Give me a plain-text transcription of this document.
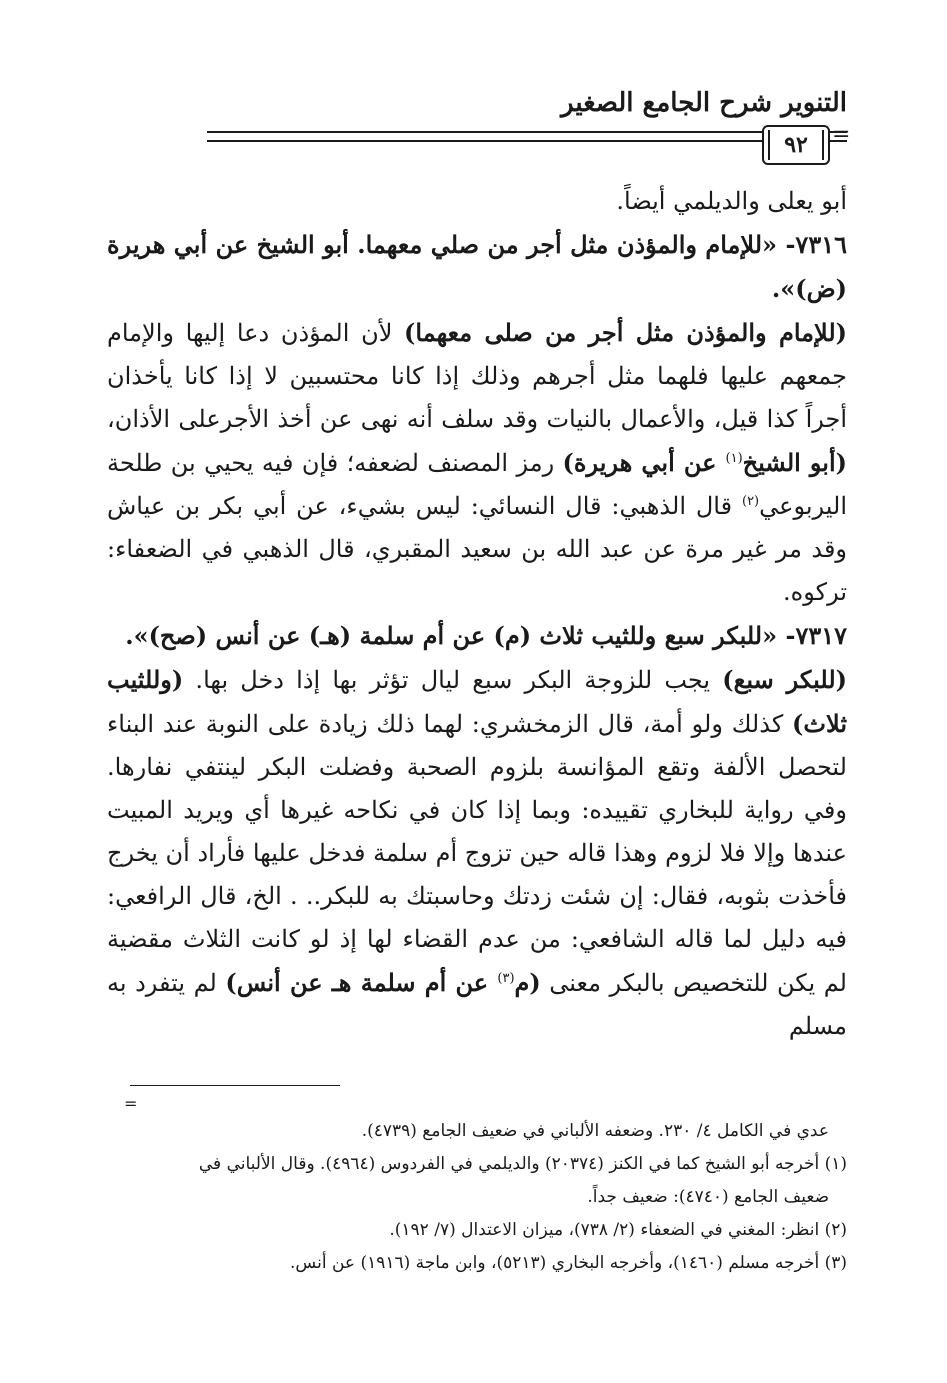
التنوير شرح الجامع الصغير
٩٢ =

أبو يعلى والديلمي أيضاً.

٧٣١٦- «للإمام والمؤذن مثل أجر من صلي معهما. أبو الشيخ عن أبي هريرة (ض)».

(للإمام والمؤذن مثل أجر من صلى معهما) لأن المؤذن دعا إليها والإمام جمعهم عليها فلهما مثل أجرهم وذلك إذا كانا محتسبين لا إذا كانا يأخذان أجراً كذا قيل، والأعمال بالنيات وقد سلف أنه نهى عن أخذ الأجرعلى الأذان، (أبو الشيخ$^{(١)}$ عن أبي هريرة) رمز المصنف لضعفه؛ فإن فيه يحيي بن طلحة اليربوعي$^{(٢)}$ قال الذهبي: قال النسائي: ليس بشيء، عن أبي بكر بن عياش وقد مر غير مرة عن عبد الله بن سعيد المقبري، قال الذهبي في الضعفاء: تركوه.

٧٣١٧- «للبكر سبع وللثيب ثلاث (م) عن أم سلمة (هـ) عن أنس (صح)».

(للبكر سبع) يجب للزوجة البكر سبع ليال تؤثر بها إذا دخل بها. (وللثيب ثلاث) كذلك ولو أمة، قال الزمخشري: لهما ذلك زيادة على النوبة عند البناء لتحصل الألفة وتقع المؤانسة بلزوم الصحبة وفضلت البكر لينتفي نفارها. وفي رواية للبخاري تقييده: وبما إذا كان في نكاحه غيرها أي ويريد المبيت عندها وإلا فلا لزوم وهذا قاله حين تزوج أم سلمة فدخل عليها فأراد أن يخرج فأخذت بثوبه، فقال: إن شئت زدتك وحاسبتك به للبكر.. . الخ، قال الرافعي: فيه دليل لما قاله الشافعي: من عدم القضاء لها إذ لو كانت الثلاث مقضية لم يكن للتخصيص بالبكر معنى (م$^{(٣)}$ عن أم سلمة هـ عن أنس) لم يتفرد به مسلم

=

عدي في الكامل ٤/ ٢٣٠. وضعفه الألباني في ضعيف الجامع (٤٧٣٩).

(١) أخرجه أبو الشيخ كما في الكنز (٢٠٣٧٤) والديلمي في الفردوس (٤٩٦٤). وقال الألباني في

ضعيف الجامع (٤٧٤٠): ضعيف جداً.

(٢) انظر: المغني في الضعفاء (٢/ ٧٣٨)، ميزان الاعتدال (٧/ ١٩٢).

(٣) أخرجه مسلم (١٤٦٠)، وأخرجه البخاري (٥٢١٣)، وابن ماجة (١٩١٦) عن أنس.
